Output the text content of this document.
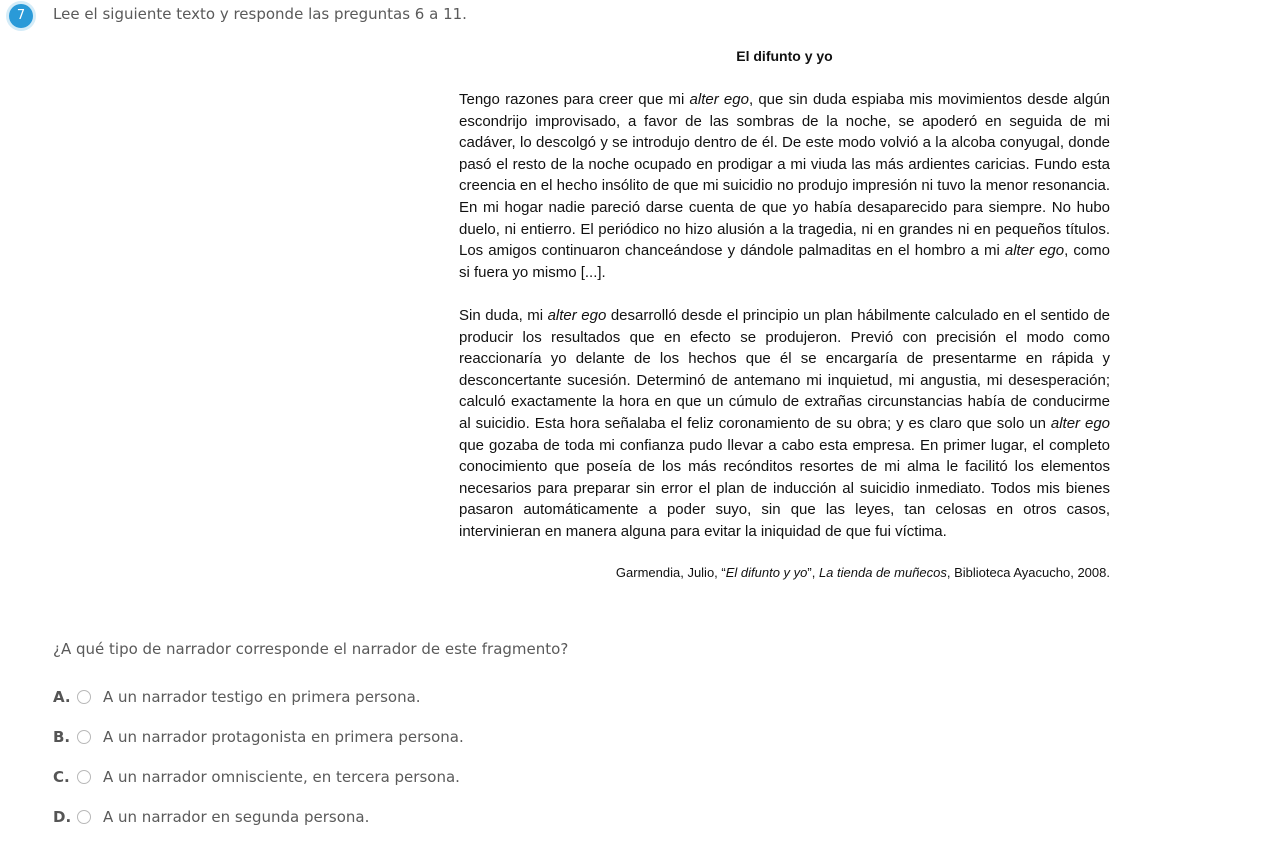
7	Lee el siguiente texto y responde las preguntas 6 a 11.
El difunto y yo

Tengo razones para creer que mi alter ego, que sin duda espiaba mis movimientos desde algún escondrijo improvisado, a favor de las sombras de la noche, se apoderó en seguida de mi cadáver, lo descolgó y se introdujo dentro de él. De este modo volvió a la alcoba conyugal, donde pasó el resto de la noche ocupado en prodigar a mi viuda las más ardientes caricias. Fundo esta creencia en el hecho insólito de que mi suicidio no produjo impresión ni tuvo la menor resonancia. En mi hogar nadie pareció darse cuenta de que yo había desaparecido para siempre. No hubo duelo, ni entierro. El periódico no hizo alusión a la tragedia, ni en grandes ni en pequeños títulos. Los amigos continuaron chanceándose y dándole palmaditas en el hombro a mi alter ego, como si fuera yo mismo [...].

Sin duda, mi alter ego desarrolló desde el principio un plan hábilmente calculado en el sentido de producir los resultados que en efecto se produjeron. Previó con precisión el modo como reaccionaría yo delante de los hechos que él se encargaría de presentarme en rápida y desconcertante sucesión. Determinó de antemano mi inquietud, mi angustia, mi desesperación; calculó exactamente la hora en que un cúmulo de extrañas circunstancias había de conducirme al suicidio. Esta hora señalaba el feliz coronamiento de su obra; y es claro que solo un alter ego que gozaba de toda mi confianza pudo llevar a cabo esta empresa. En primer lugar, el completo conocimiento que poseía de los más recónditos resortes de mi alma le facilitó los elementos necesarios para preparar sin error el plan de inducción al suicidio inmediato. Todos mis bienes pasaron automáticamente a poder suyo, sin que las leyes, tan celosas en otros casos, intervinieran en manera alguna para evitar la iniquidad de que fui víctima.

Garmendia, Julio, “El difunto y yo”, La tienda de muñecos, Biblioteca Ayacucho, 2008.
¿A qué tipo de narrador corresponde el narrador de este fragmento?
A.	A un narrador testigo en primera persona.
B.	A un narrador protagonista en primera persona.
C.	A un narrador omnisciente, en tercera persona.
D.	A un narrador en segunda persona.
